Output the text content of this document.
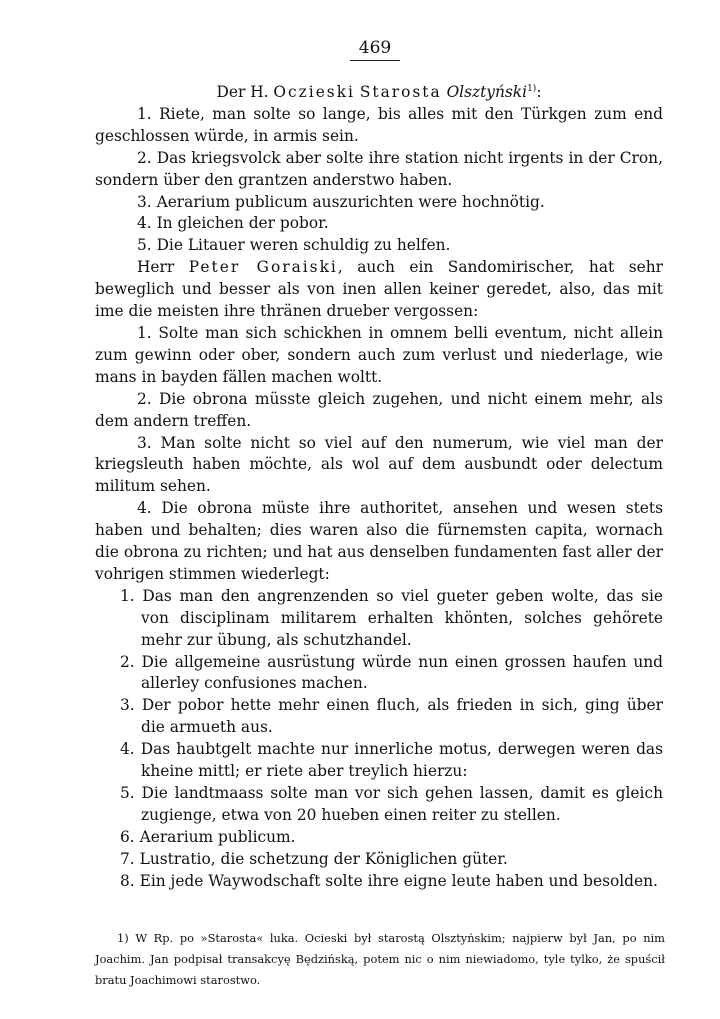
469

Der H. Oczieski Starosta Olsztyński$^{1)}$:

1. Riete, man solte so lange, bis alles mit den Türkgen zum end geschlossen würde, in armis sein.

2. Das kriegsvolck aber solte ihre station nicht irgents in der Cron, sondern über den grantzen anderstwo haben.

3. Aerarium publicum auszurichten were hochnötig.

4. In gleichen der pobor.

5. Die Litauer weren schuldig zu helfen.

Herr Peter Goraiski, auch ein Sandomirischer, hat sehr beweglich und besser als von inen allen keiner geredet, also, das mit ime die meisten ihre thränen drueber vergossen:

1. Solte man sich schickhen in omnem belli eventum, nicht allein zum gewinn oder ober, sondern auch zum verlust und niederlage, wie mans in bayden fällen machen woltt.

2. Die obrona müsste gleich zugehen, und nicht einem mehr, als dem andern treffen.

3. Man solte nicht so viel auf den numerum, wie viel man der kriegsleuth haben möchte, als wol auf dem ausbundt oder delectum militum sehen.

4. Die obrona müste ihre authoritet, ansehen und wesen stets haben und behalten; dies waren also die fürnemsten capita, wornach die obrona zu richten; und hat aus denselben fundamenten fast aller der vohrigen stimmen wiederlegt:

1. Das man den angrenzenden so viel gueter geben wolte, das sie von disciplinam militarem erhalten khönten, solches gehörete mehr zur übung, als schutzhandel.

2. Die allgemeine ausrüstung würde nun einen grossen haufen und allerley confusiones machen.

3. Der pobor hette mehr einen fluch, als frieden in sich, ging über die armueth aus.

4. Das haubtgelt machte nur innerliche motus, derwegen weren das kheine mittl; er riete aber treylich hierzu:

5. Die landtmaass solte man vor sich gehen lassen, damit es gleich zugienge, etwa von 20 hueben einen reiter zu stellen.

6. Aerarium publicum.

7. Lustratio, die schetzung der Königlichen güter.

8. Ein jede Waywodschaft solte ihre eigne leute haben und besolden.

1) W Rp. po »Starosta« luka. Ocieski był starostą Olsztyńskim; najpierw był Jan, po nim Joachim. Jan podpisał transakcyę Będzińską, potem nic o nim niewiadomo, tyle tylko, że spuścił bratu Joachimowi starostwo.
